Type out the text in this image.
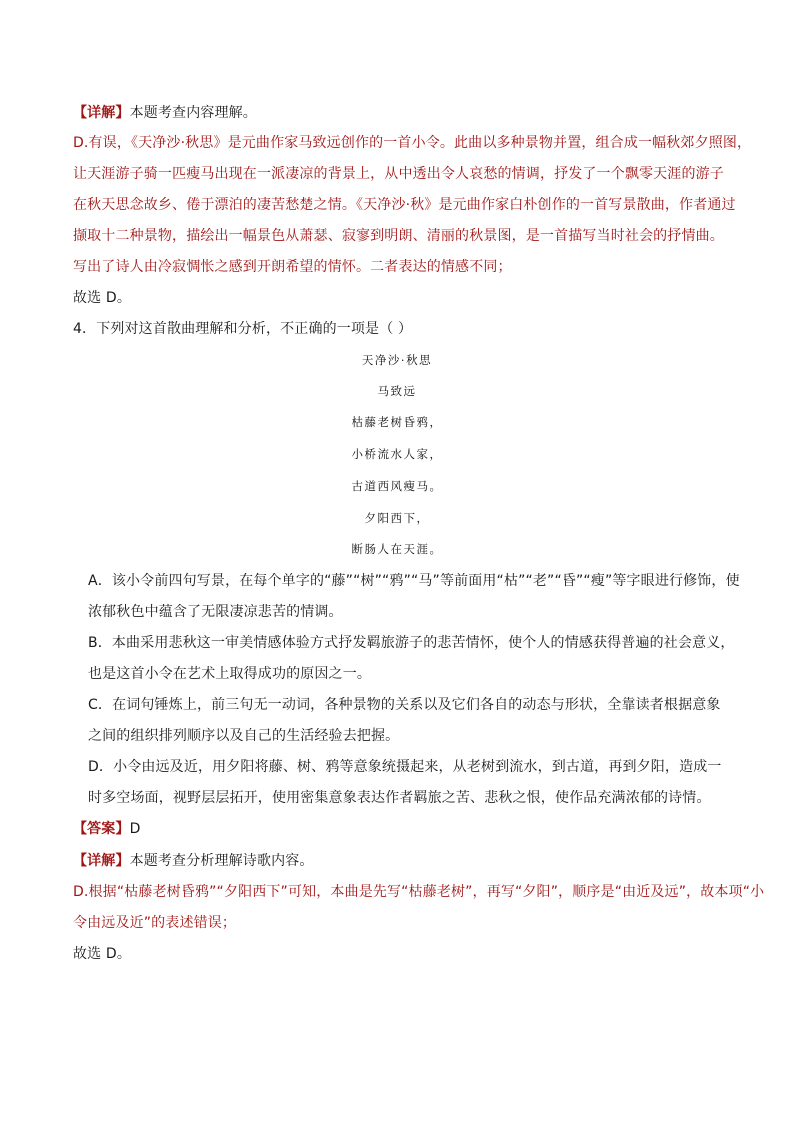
【详解】本题考查内容理解。
D.有误，《天净沙·秋思》是元曲作家马致远创作的一首小令。此曲以多种景物并置，组合成一幅秋郊夕照图，
让天涯游子骑一匹瘦马出现在一派凄凉的背景上，从中透出令人哀愁的情调，抒发了一个飘零天涯的游子
在秋天思念故乡、倦于漂泊的凄苦愁楚之情。《天净沙·秋》是元曲作家白朴创作的一首写景散曲，作者通过
撷取十二种景物，描绘出一幅景色从萧瑟、寂寥到明朗、清丽的秋景图，是一首描写当时社会的抒情曲。
写出了诗人由冷寂惆怅之感到开朗希望的情怀。二者表达的情感不同；
故选 D。
4．下列对这首散曲理解和分析，不正确的一项是（ ）
天净沙·秋思
马致远
枯藤老树昏鸦，
小桥流水人家，
古道西风瘦马。
夕阳西下，
断肠人在天涯。
A．该小令前四句写景，在每个单字的“藤”“树”“鸦”“马”等前面用“枯”“老”“昏”“瘦”等字眼进行修饰，使
浓郁秋色中蕴含了无限凄凉悲苦的情调。
B．本曲采用悲秋这一审美情感体验方式抒发羁旅游子的悲苦情怀，使个人的情感获得普遍的社会意义，
也是这首小令在艺术上取得成功的原因之一。
C．在词句锤炼上，前三句无一动词，各种景物的关系以及它们各自的动态与形状，全靠读者根据意象
之间的组织排列顺序以及自己的生活经验去把握。
D．小令由远及近，用夕阳将藤、树、鸦等意象统摄起来，从老树到流水，到古道，再到夕阳，造成一
时多空场面，视野层层拓开，使用密集意象表达作者羁旅之苦、悲秋之恨，使作品充满浓郁的诗情。
【答案】D
【详解】本题考查分析理解诗歌内容。
D.根据“枯藤老树昏鸦”“夕阳西下”可知，本曲是先写“枯藤老树”，再写“夕阳”，顺序是“由近及远”，故本项“小
令由远及近”的表述错误；
故选 D。
